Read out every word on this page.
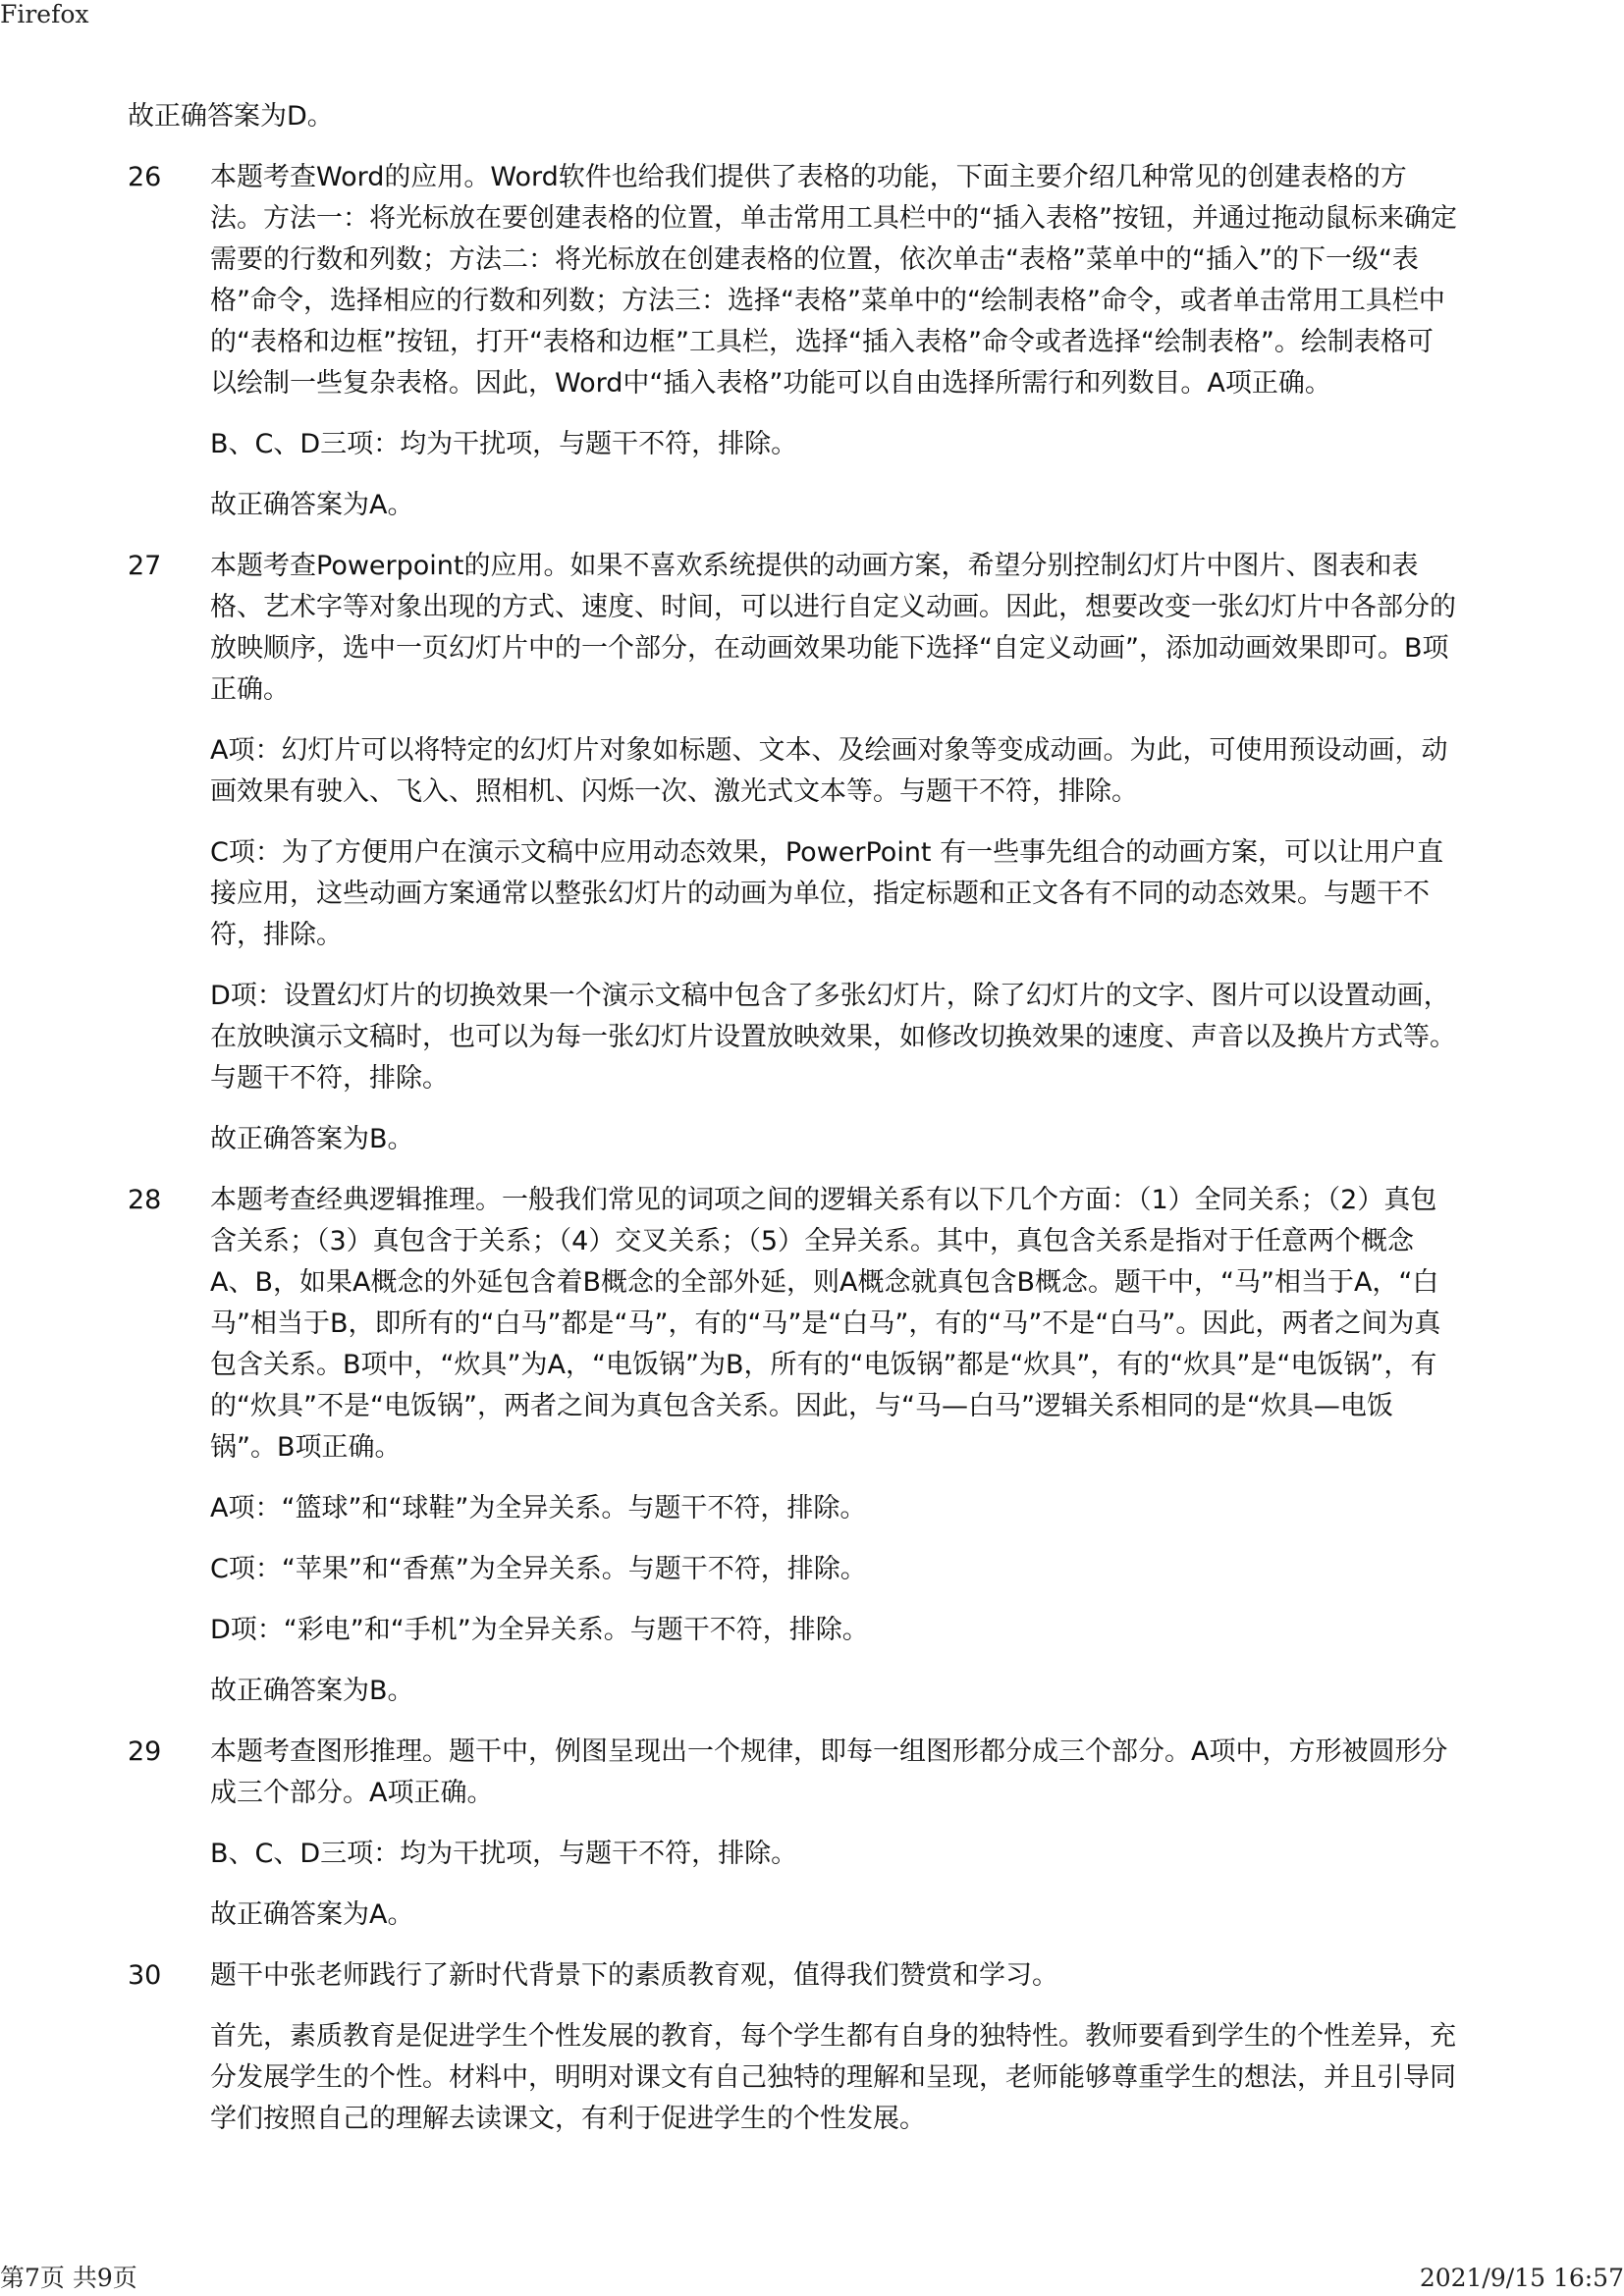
Firefox
故正确答案为D。
26	本题考查Word的应用。Word软件也给我们提供了表格的功能，下面主要介绍几种常见的创建表格的方法。方法一：将光标放在要创建表格的位置，单击常用工具栏中的“插入表格”按钮，并通过拖动鼠标来确定需要的行数和列数；方法二：将光标放在创建表格的位置，依次单击“表格”菜单中的“插入”的下一级“表格”命令，选择相应的行数和列数；方法三：选择“表格”菜单中的“绘制表格”命令，或者单击常用工具栏中的“表格和边框”按钮，打开“表格和边框”工具栏，选择“插入表格”命令或者选择“绘制表格”。绘制表格可以绘制一些复杂表格。因此，Word中“插入表格”功能可以自由选择所需行和列数目。A项正确。
B、C、D三项：均为干扰项，与题干不符，排除。
故正确答案为A。
27	本题考查Powerpoint的应用。如果不喜欢系统提供的动画方案，希望分别控制幻灯片中图片、图表和表格、艺术字等对象出现的方式、速度、时间，可以进行自定义动画。因此，想要改变一张幻灯片中各部分的放映顺序，选中一页幻灯片中的一个部分，在动画效果功能下选择“自定义动画”，添加动画效果即可。B项正确。
A项：幻灯片可以将特定的幻灯片对象如标题、文本、及绘画对象等变成动画。为此，可使用预设动画，动画效果有驶入、飞入、照相机、闪烁一次、激光式文本等。与题干不符，排除。
C项：为了方便用户在演示文稿中应用动态效果，PowerPoint 有一些事先组合的动画方案，可以让用户直接应用，这些动画方案通常以整张幻灯片的动画为单位，指定标题和正文各有不同的动态效果。与题干不符，排除。
D项：设置幻灯片的切换效果一个演示文稿中包含了多张幻灯片，除了幻灯片的文字、图片可以设置动画，在放映演示文稿时，也可以为每一张幻灯片设置放映效果，如修改切换效果的速度、声音以及换片方式等。与题干不符，排除。
故正确答案为B。
28	本题考查经典逻辑推理。一般我们常见的词项之间的逻辑关系有以下几个方面：（1）全同关系；（2）真包含关系；（3）真包含于关系；（4）交叉关系；（5）全异关系。其中，真包含关系是指对于任意两个概念A、B，如果A概念的外延包含着B概念的全部外延，则A概念就真包含B概念。题干中，“马”相当于A，“白马”相当于B，即所有的“白马”都是“马”，有的“马”是“白马”，有的“马”不是“白马”。因此，两者之间为真包含关系。B项中，“炊具”为A，“电饭锅”为B，所有的“电饭锅”都是“炊具”，有的“炊具”是“电饭锅”，有的“炊具”不是“电饭锅”，两者之间为真包含关系。因此，与“马—白马”逻辑关系相同的是“炊具—电饭锅”。B项正确。
A项：“篮球”和“球鞋”为全异关系。与题干不符，排除。
C项：“苹果”和“香蕉”为全异关系。与题干不符，排除。
D项：“彩电”和“手机”为全异关系。与题干不符，排除。
故正确答案为B。
29	本题考查图形推理。题干中，例图呈现出一个规律，即每一组图形都分成三个部分。A项中，方形被圆形分成三个部分。A项正确。
B、C、D三项：均为干扰项，与题干不符，排除。
故正确答案为A。
30	题干中张老师践行了新时代背景下的素质教育观，值得我们赞赏和学习。
首先，素质教育是促进学生个性发展的教育，每个学生都有自身的独特性。教师要看到学生的个性差异，充分发展学生的个性。材料中，明明对课文有自己独特的理解和呈现，老师能够尊重学生的想法，并且引导同学们按照自己的理解去读课文，有利于促进学生的个性发展。
第7页 共9页	2021/9/15 16:57
